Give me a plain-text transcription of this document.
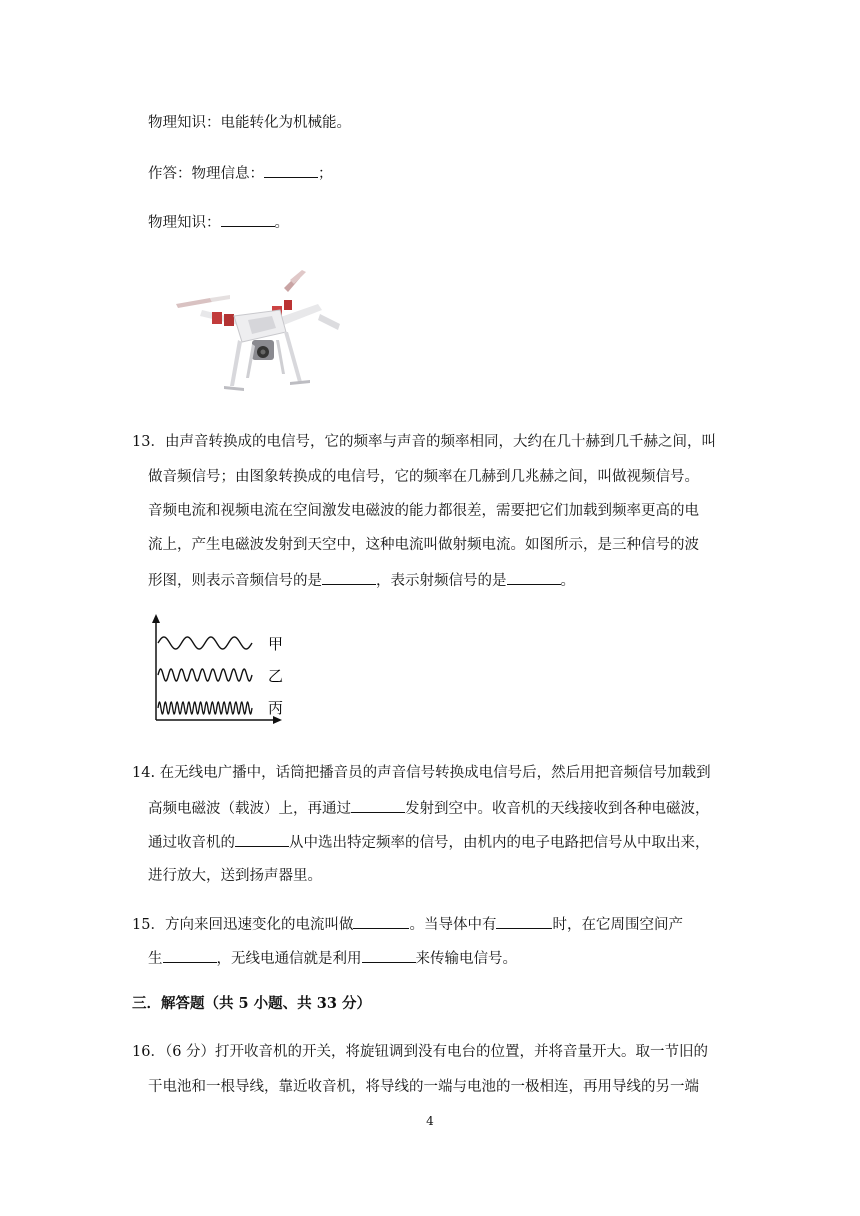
物理知识：电能转化为机械能。
作答：物理信息：	；
物理知识：	。
13．由声音转换成的电信号，它的频率与声音的频率相同，大约在几十赫到几千赫之间，叫
做音频信号；由图象转换成的电信号，它的频率在几赫到几兆赫之间，叫做视频信号。
音频电流和视频电流在空间激发电磁波的能力都很差，需要把它们加载到频率更高的电
流上，产生电磁波发射到天空中，这种电流叫做射频电流。如图所示，是三种信号的波
形图，则表示音频信号的是	，表示射频信号的是	。
甲
乙
丙
14. 在无线电广播中，话筒把播音员的声音信号转换成电信号后，然后用把音频信号加载到
高频电磁波（载波）上，再通过	发射到空中。收音机的天线接收到各种电磁波，
通过收音机的	从中选出特定频率的信号，由机内的电子电路把信号从中取出来，
进行放大，送到扬声器里。
15．方向来回迅速变化的电流叫做	。当导体中有	时，在它周围空间产
生	，无线电通信就是利用	来传输电信号。
三．解答题（共 5 小题、共 33 分）
16．（6 分）打开收音机的开关，将旋钮调到没有电台的位置，并将音量开大。取一节旧的
干电池和一根导线，靠近收音机，将导线的一端与电池的一极相连，再用导线的另一端
4
